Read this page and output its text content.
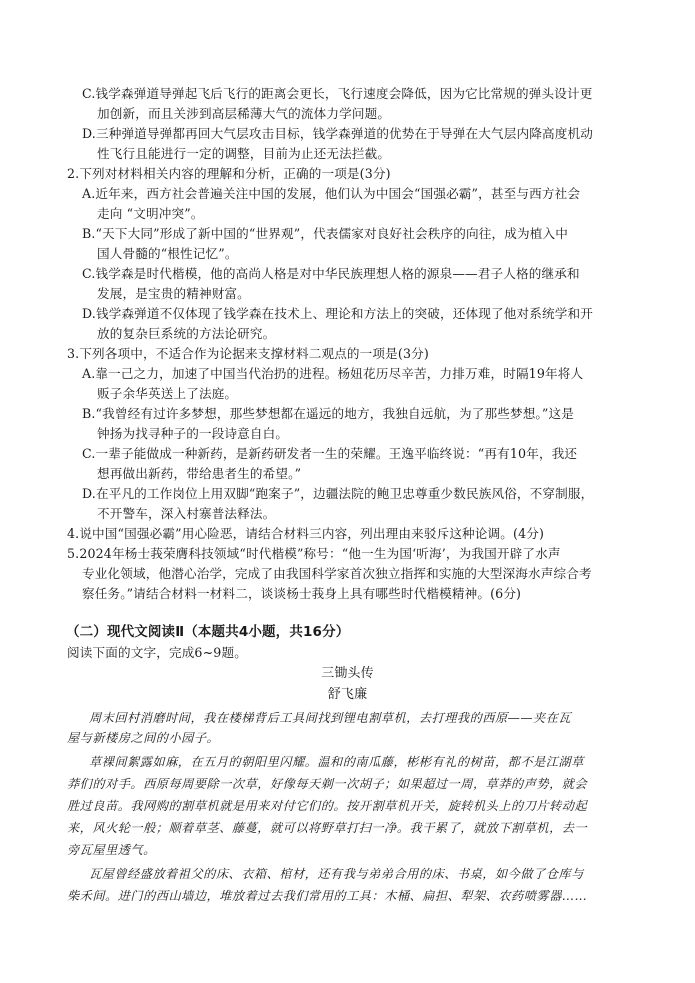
C.钱学森弹道导弹起飞后飞行的距离会更长，飞行速度会降低，因为它比常规的弹头设计更
加创新，而且关涉到高层稀薄大气的流体力学问题。
D.三种弹道导弹都再回大气层攻击目标，钱学森弹道的优势在于导弹在大气层内降高度机动
性飞行且能进行一定的调整，目前为止还无法拦截。
2.下列对材料相关内容的理解和分析，正确的一项是(3分)
A.近年来，西方社会普遍关注中国的发展，他们认为中国会“国强必霸”，甚至与西方社会
走向 “文明冲突”。
B.“天下大同”形成了新中国的“世界观”，代表儒家对良好社会秩序的向往，成为植入中
国人骨髓的“根性记忆”。
C.钱学森是时代楷模，他的高尚人格是对中华民族理想人格的源泉——君子人格的继承和
发展，是宝贵的精神财富。
D.钱学森弹道不仅体现了钱学森在技术上、理论和方法上的突破，还体现了他对系统学和开
放的复杂巨系统的方法论研究。
3.下列各项中，不适合作为论据来支撑材料二观点的一项是(3分)
A.靠一己之力，加速了中国当代治扔的进程。杨妞花历尽辛苦，力排万难，时隔19年将人
贩子余华英送上了法庭。
B.“我曾经有过许多梦想，那些梦想都在遥远的地方，我独自远航，为了那些梦想。”这是
钟扬为找寻种子的一段诗意自白。
C.一辈子能做成一种新药，是新药研发者一生的荣耀。王逸平临终说：“再有10年，我还
想再做出新药，带给患者生的希望。”
D.在平凡的工作岗位上用双脚“跑案子”，边疆法院的鲍卫忠尊重少数民族风俗，不穿制服，
不开警车，深入村寨普法释法。
4.说中国“国强必霸”用心险恶，请结合材料三内容，列出理由来驳斥这种论调。(4分)
5.2024年杨士莪荣膺科技领域“时代楷模”称号：“他一生为国‘听海’，为我国开辟了水声
专业化领域，他潜心治学，完成了由我国科学家首次独立指挥和实施的大型深海水声综合考
察任务。”请结合材料一材料二，谈谈杨士莪身上具有哪些时代楷模精神。(6分)
（二）现代文阅读Ⅱ（本题共4小题，共16分）
阅读下面的文字，完成6~9题。
三锄头传
舒飞廉
周末回村消磨时间，我在楼梯背后工具间找到锂电割草机，去打理我的西原——夹在瓦
屋与新楼房之间的小园子。
草裸间絮露如麻，在五月的朝阳里闪耀。温和的南瓜藤，彬彬有礼的树苗，都不是江湖草
莽们的对手。西原每周要除一次草，好像每天剃一次胡子；如果超过一周，草莽的声势，就会
胜过良苗。我网购的割草机就是用来对付它们的。按开割草机开关，旋转机头上的刀片转动起
来，风火轮一般；顺着草茎、藤蔓，就可以将野草打扫一净。我干累了，就放下割草机，去一
旁瓦屋里透气。
瓦屋曾经盛放着祖父的床、衣箱、棺材，还有我与弟弟合用的床、书桌，如今做了仓库与
柴禾间。进门的西山墙边，堆放着过去我们常用的工具：木桶、扁担、犁架、农药喷雾器……
